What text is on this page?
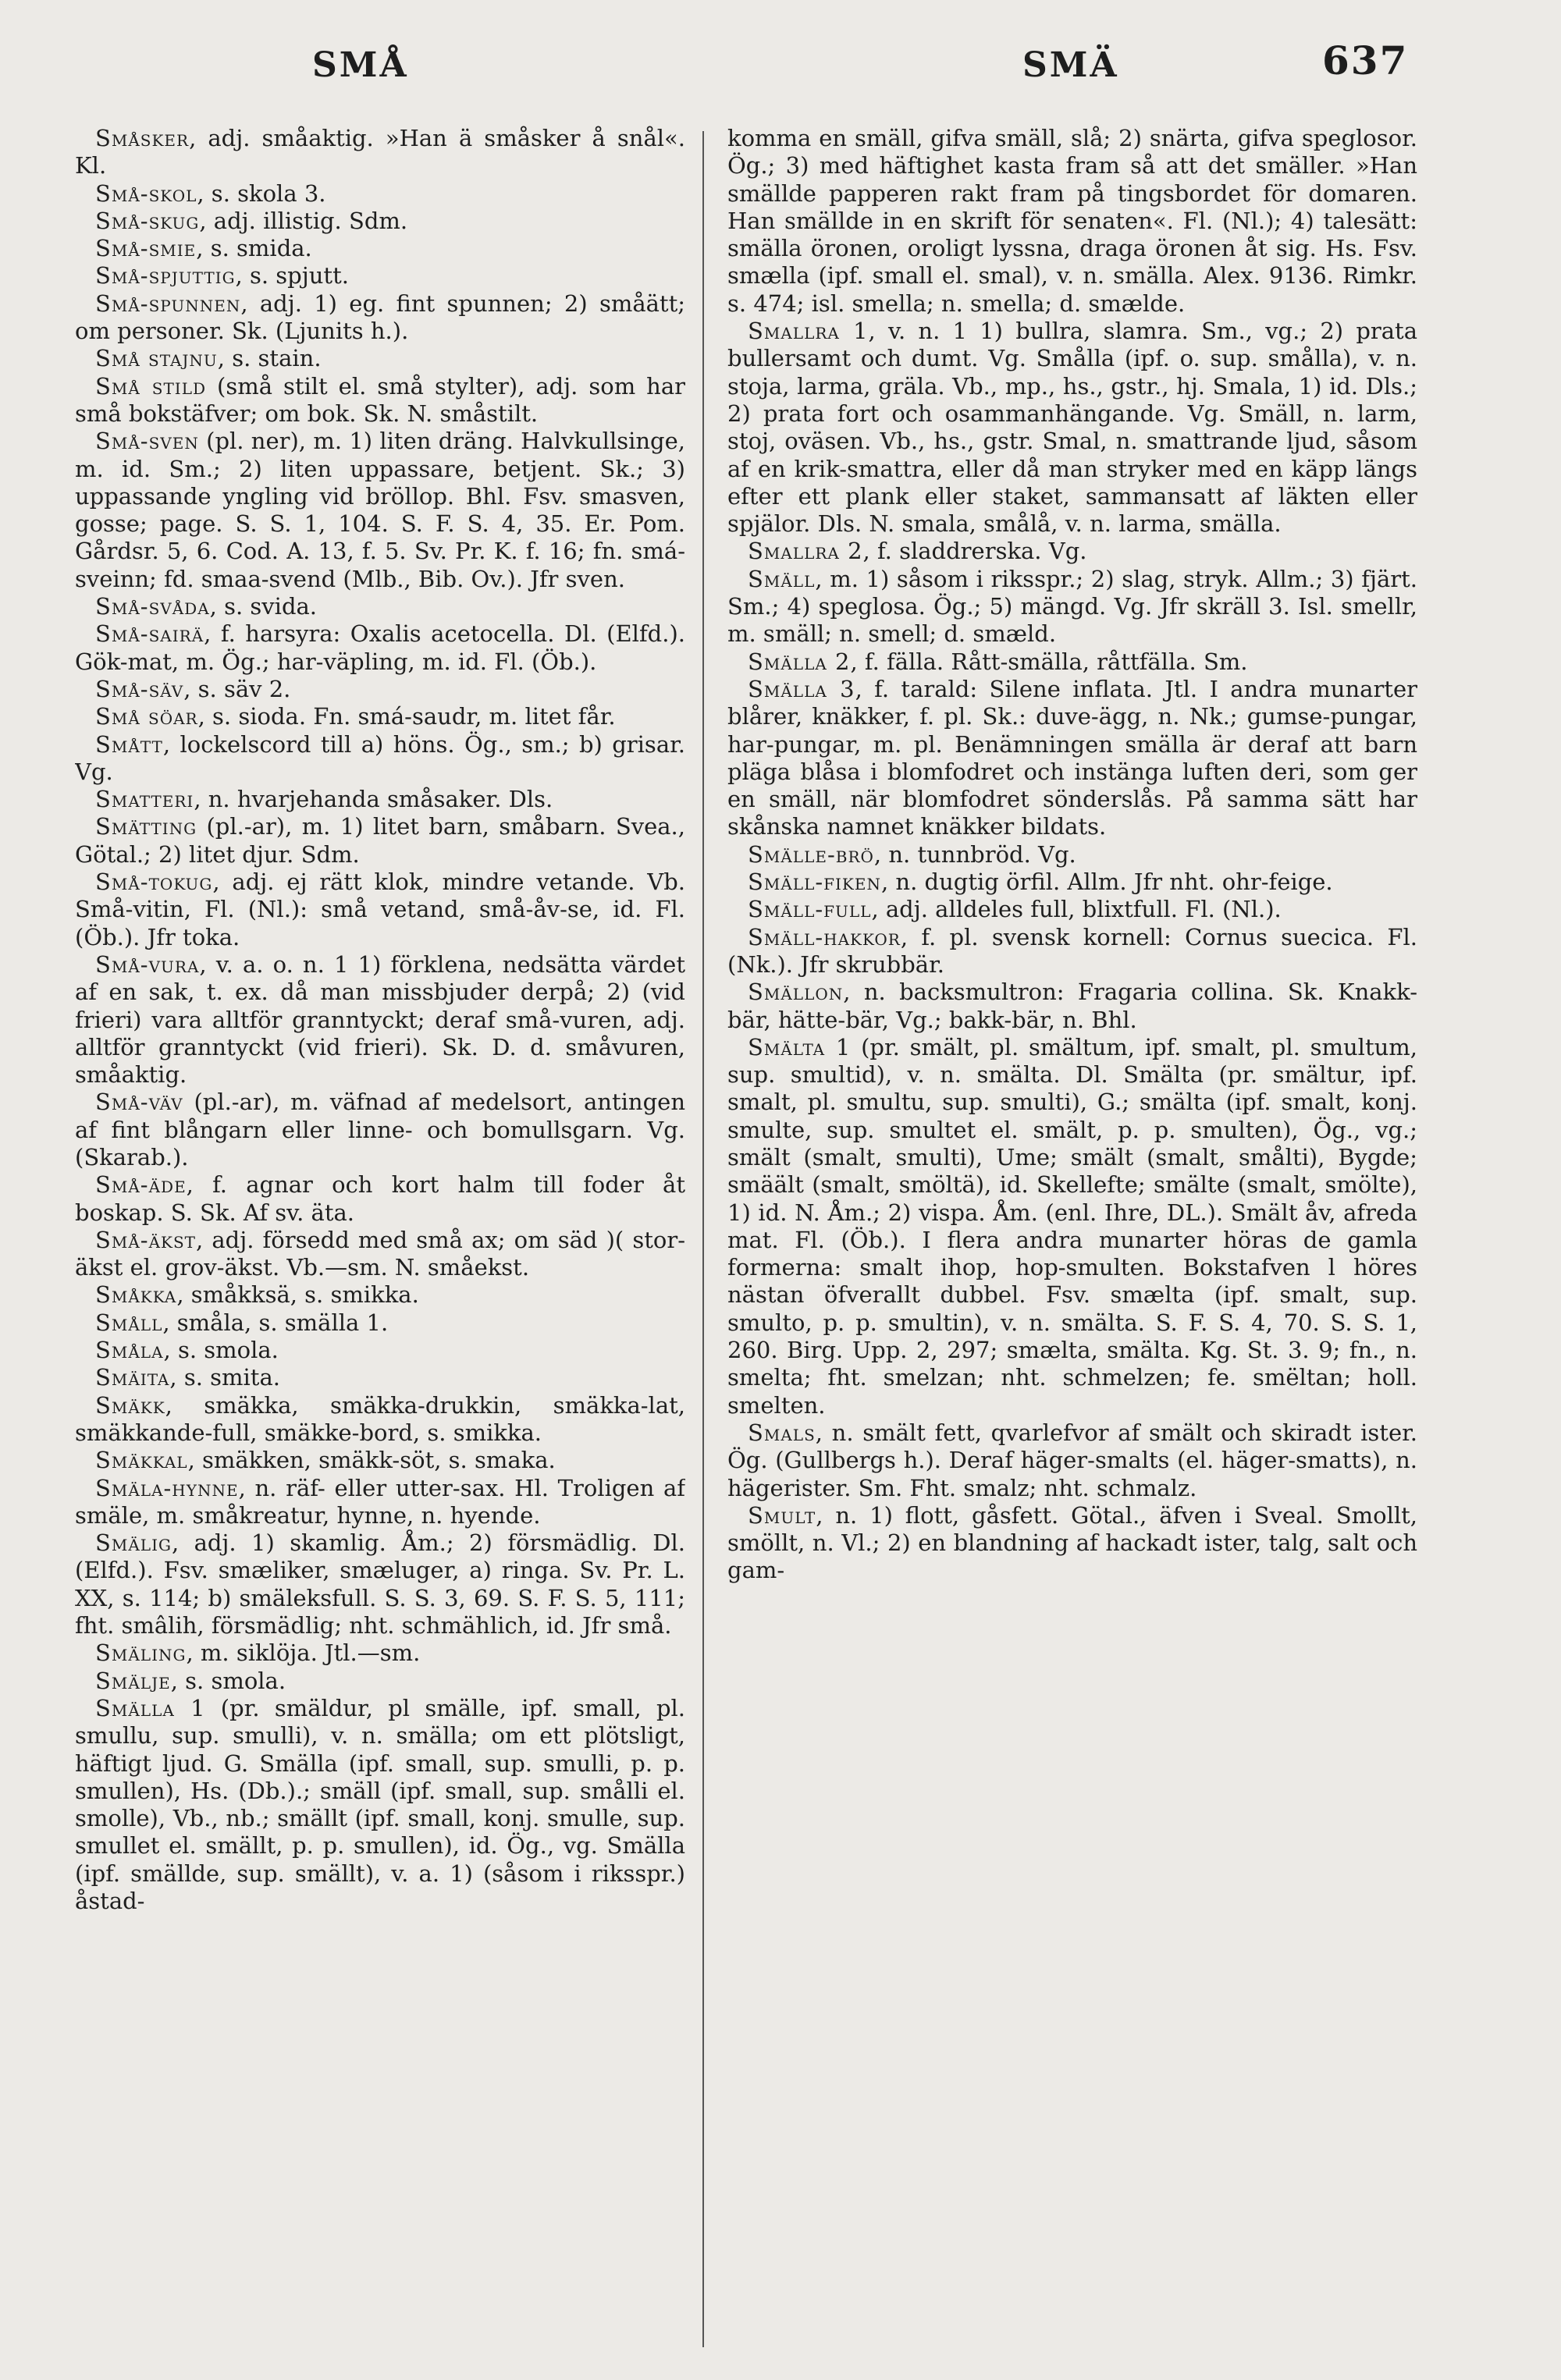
SMÅ	SMÄ	637

Småsker, adj. småaktig. »Han ä småsker å snål«. Kl.

Små-skol, s. skola 3.

Små-skug, adj. illistig. Sdm.

Små-smie, s. smida.

Små-spjuttig, s. spjutt.

Små-spunnen, adj. 1) eg. fint spunnen; 2) småätt; om personer. Sk. (Ljunits h.).

Små stajnu, s. stain.

Små stild (små stilt el. små stylter), adj. som har små bokstäfver; om bok. Sk. N. småstilt.

Små-sven (pl. ner), m. 1) liten dräng. Halvkullsinge, m. id. Sm.; 2) liten uppassare, betjent. Sk.; 3) uppassande yngling vid bröllop. Bhl. Fsv. smasven, gosse; page. S. S. 1, 104. S. F. S. 4, 35. Er. Pom. Gårdsr. 5, 6. Cod. A. 13, f. 5. Sv. Pr. K. f. 16; fn. smá-sveinn; fd. smaa-svend (Mlb., Bib. Ov.). Jfr sven.

Små-svåda, s. svida.

Små-sairä, f. harsyra: Oxalis acetocella. Dl. (Elfd.). Gök-mat, m. Ög.; har-väpling, m. id. Fl. (Öb.).

Små-säv, s. säv 2.

Små söar, s. sioda. Fn. smá-saudr, m. litet får.

Smått, lockelscord till a) höns. Ög., sm.; b) grisar. Vg.

Smatteri, n. hvarjehanda småsaker. Dls.

Smätting (pl.-ar), m. 1) litet barn, småbarn. Svea., Götal.; 2) litet djur. Sdm.

Små-tokug, adj. ej rätt klok, mindre vetande. Vb. Små-vitin, Fl. (Nl.): små vetand, små-åv-se, id. Fl. (Öb.). Jfr toka.

Små-vura, v. a. o. n. 1 1) förklena, nedsätta värdet af en sak, t. ex. då man missbjuder derpå; 2) (vid frieri) vara alltför granntyckt; deraf små-vuren, adj. alltför granntyckt (vid frieri). Sk. D. d. småvuren, småaktig.

Små-väv (pl.-ar), m. väfnad af medelsort, antingen af fint blångarn eller linne- och bomullsgarn. Vg. (Skarab.).

Små-äde, f. agnar och kort halm till foder åt boskap. S. Sk. Af sv. äta.

Små-äkst, adj. försedd med små ax; om säd )( stor-äkst el. grov-äkst. Vb.—sm. N. småekst.

Småkka, småkksä, s. smikka.

Småll, småla, s. smälla 1.

Småla, s. smola.

Smäita, s. smita.

Smäkk, smäkka, smäkka-drukkin, smäkka-lat, smäkkande-full, smäkke-bord, s. smikka.

Smäkkal, smäkken, smäkk-söt, s. smaka.

Smäla-hynne, n. räf- eller utter-sax. Hl. Troligen af smäle, m. småkreatur, hynne, n. hyende.

Smälig, adj. 1) skamlig. Åm.; 2) försmädlig. Dl. (Elfd.). Fsv. smæliker, smæluger, a) ringa. Sv. Pr. L. XX, s. 114; b) smäleksfull. S. S. 3, 69. S. F. S. 5, 111; fht. smâlih, försmädlig; nht. schmählich, id. Jfr små.

Smäling, m. siklöja. Jtl.—sm.

Smälje, s. smola.

Smälla 1 (pr. smäldur, pl smälle, ipf. small, pl. smullu, sup. smulli), v. n. smälla; om ett plötsligt, häftigt ljud. G. Smälla (ipf. small, sup. smulli, p. p. smullen), Hs. (Db.).; smäll (ipf. small, sup. smålli el. smolle), Vb., nb.; smällt (ipf. small, konj. smulle, sup. smullet el. smällt, p. p. smullen), id. Ög., vg. Smälla (ipf. smällde, sup. smällt), v. a. 1) (såsom i riksspr.) åstad-

komma en smäll, gifva smäll, slå; 2) snärta, gifva speglosor. Ög.; 3) med häftighet kasta fram så att det smäller. »Han smällde papperen rakt fram på tingsbordet för domaren. Han smällde in en skrift för senaten«. Fl. (Nl.); 4) talesätt: smälla öronen, oroligt lyssna, draga öronen åt sig. Hs. Fsv. smælla (ipf. small el. smal), v. n. smälla. Alex. 9136. Rimkr. s. 474; isl. smella; n. smella; d. smælde.

Smallra 1, v. n. 1 1) bullra, slamra. Sm., vg.; 2) prata bullersamt och dumt. Vg. Smålla (ipf. o. sup. smålla), v. n. stoja, larma, gräla. Vb., mp., hs., gstr., hj. Smala, 1) id. Dls.; 2) prata fort och osammanhängande. Vg. Smäll, n. larm, stoj, oväsen. Vb., hs., gstr. Smal, n. smattrande ljud, såsom af en krik-smattra, eller då man stryker med en käpp längs efter ett plank eller staket, sammansatt af läkten eller spjälor. Dls. N. smala, smålå, v. n. larma, smälla.

Smallra 2, f. sladdrerska. Vg.

Smäll, m. 1) såsom i riksspr.; 2) slag, stryk. Allm.; 3) fjärt. Sm.; 4) speglosa. Ög.; 5) mängd. Vg. Jfr skräll 3. Isl. smellr, m. smäll; n. smell; d. smæld.

Smälla 2, f. fälla. Rått-smälla, råttfälla. Sm.

Smälla 3, f. tarald: Silene inflata. Jtl. I andra munarter blårer, knäkker, f. pl. Sk.: duve-ägg, n. Nk.; gumse-pungar, har-pungar, m. pl. Benämningen smälla är deraf att barn pläga blåsa i blomfodret och instänga luften deri, som ger en smäll, när blomfodret sönderslås. På samma sätt har skånska namnet knäkker bildats.

Smälle-brö, n. tunnbröd. Vg.

Smäll-fiken, n. dugtig örfil. Allm. Jfr nht. ohr-feige.

Smäll-full, adj. alldeles full, blixtfull. Fl. (Nl.).

Smäll-hakkor, f. pl. svensk kornell: Cornus suecica. Fl. (Nk.). Jfr skrubbär.

Smällon, n. backsmultron: Fragaria collina. Sk. Knakk-bär, hätte-bär, Vg.; bakk-bär, n. Bhl.

Smälta 1 (pr. smält, pl. smältum, ipf. smalt, pl. smultum, sup. smultid), v. n. smälta. Dl. Smälta (pr. smältur, ipf. smalt, pl. smultu, sup. smulti), G.; smälta (ipf. smalt, konj. smulte, sup. smultet el. smält, p. p. smulten), Ög., vg.; smält (smalt, smulti), Ume; smält (smalt, smålti), Bygde; smäält (smalt, smöltä), id. Skellefte; smälte (smalt, smölte), 1) id. N. Åm.; 2) vispa. Åm. (enl. Ihre, DL.). Smält åv, afreda mat. Fl. (Öb.). I flera andra munarter höras de gamla formerna: smalt ihop, hop-smulten. Bokstafven l höres nästan öfverallt dubbel. Fsv. smælta (ipf. smalt, sup. smulto, p. p. smultin), v. n. smälta. S. F. S. 4, 70. S. S. 1, 260. Birg. Upp. 2, 297; smælta, smälta. Kg. St. 3. 9; fn., n. smelta; fht. smelzan; nht. schmelzen; fe. smëltan; holl. smelten.

Smals, n. smält fett, qvarlefvor af smält och skiradt ister. Ög. (Gullbergs h.). Deraf häger-smalts (el. häger-smatts), n. hägerister. Sm. Fht. smalz; nht. schmalz.

Smult, n. 1) flott, gåsfett. Götal., äfven i Sveal. Smollt, smöllt, n. Vl.; 2) en blandning af hackadt ister, talg, salt och gam-
